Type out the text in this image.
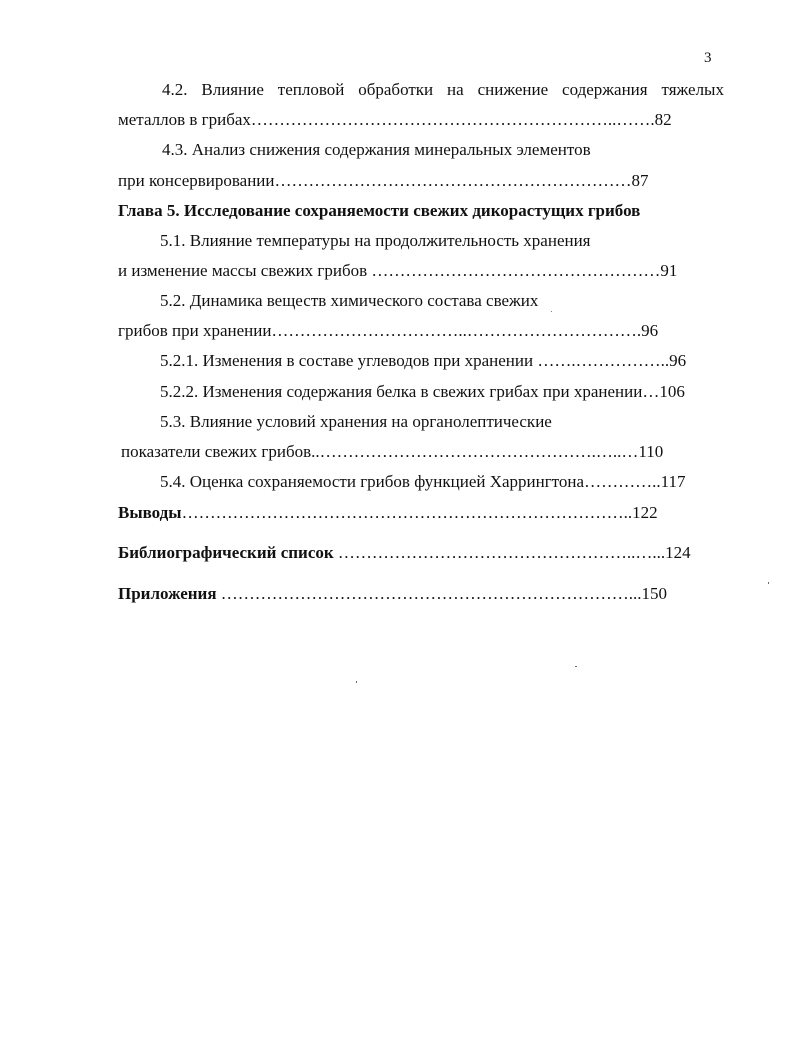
3
4.2. Влияние тепловой обработки на снижение содержания тяжелых
металлов в грибах………………………………………………………..…….82
4.3. Анализ снижения содержания минеральных элементов
при консервировании………………………………………………………87
Глава 5. Исследование сохраняемости свежих дикорастущих грибов
5.1. Влияние температуры на продолжительность хранения
и изменение массы свежих грибов ……………………………………………91
5.2. Динамика веществ химического состава свежих
грибов при хранении……………………………..………………………….96
5.2.1. Изменения в составе углеводов при хранении …….……………..96
5.2.2. Изменения содержания белка в свежих грибах при хранении…106
5.3. Влияние условий хранения на органолептические
показатели свежих грибов..………………………………………….…..…110
5.4. Оценка сохраняемости грибов функцией Харрингтона…………..117
Выводы……………………………………………………………………..122
Библиографический список ……………………………………………..…...124
Приложения ………………………………………………………………...150
